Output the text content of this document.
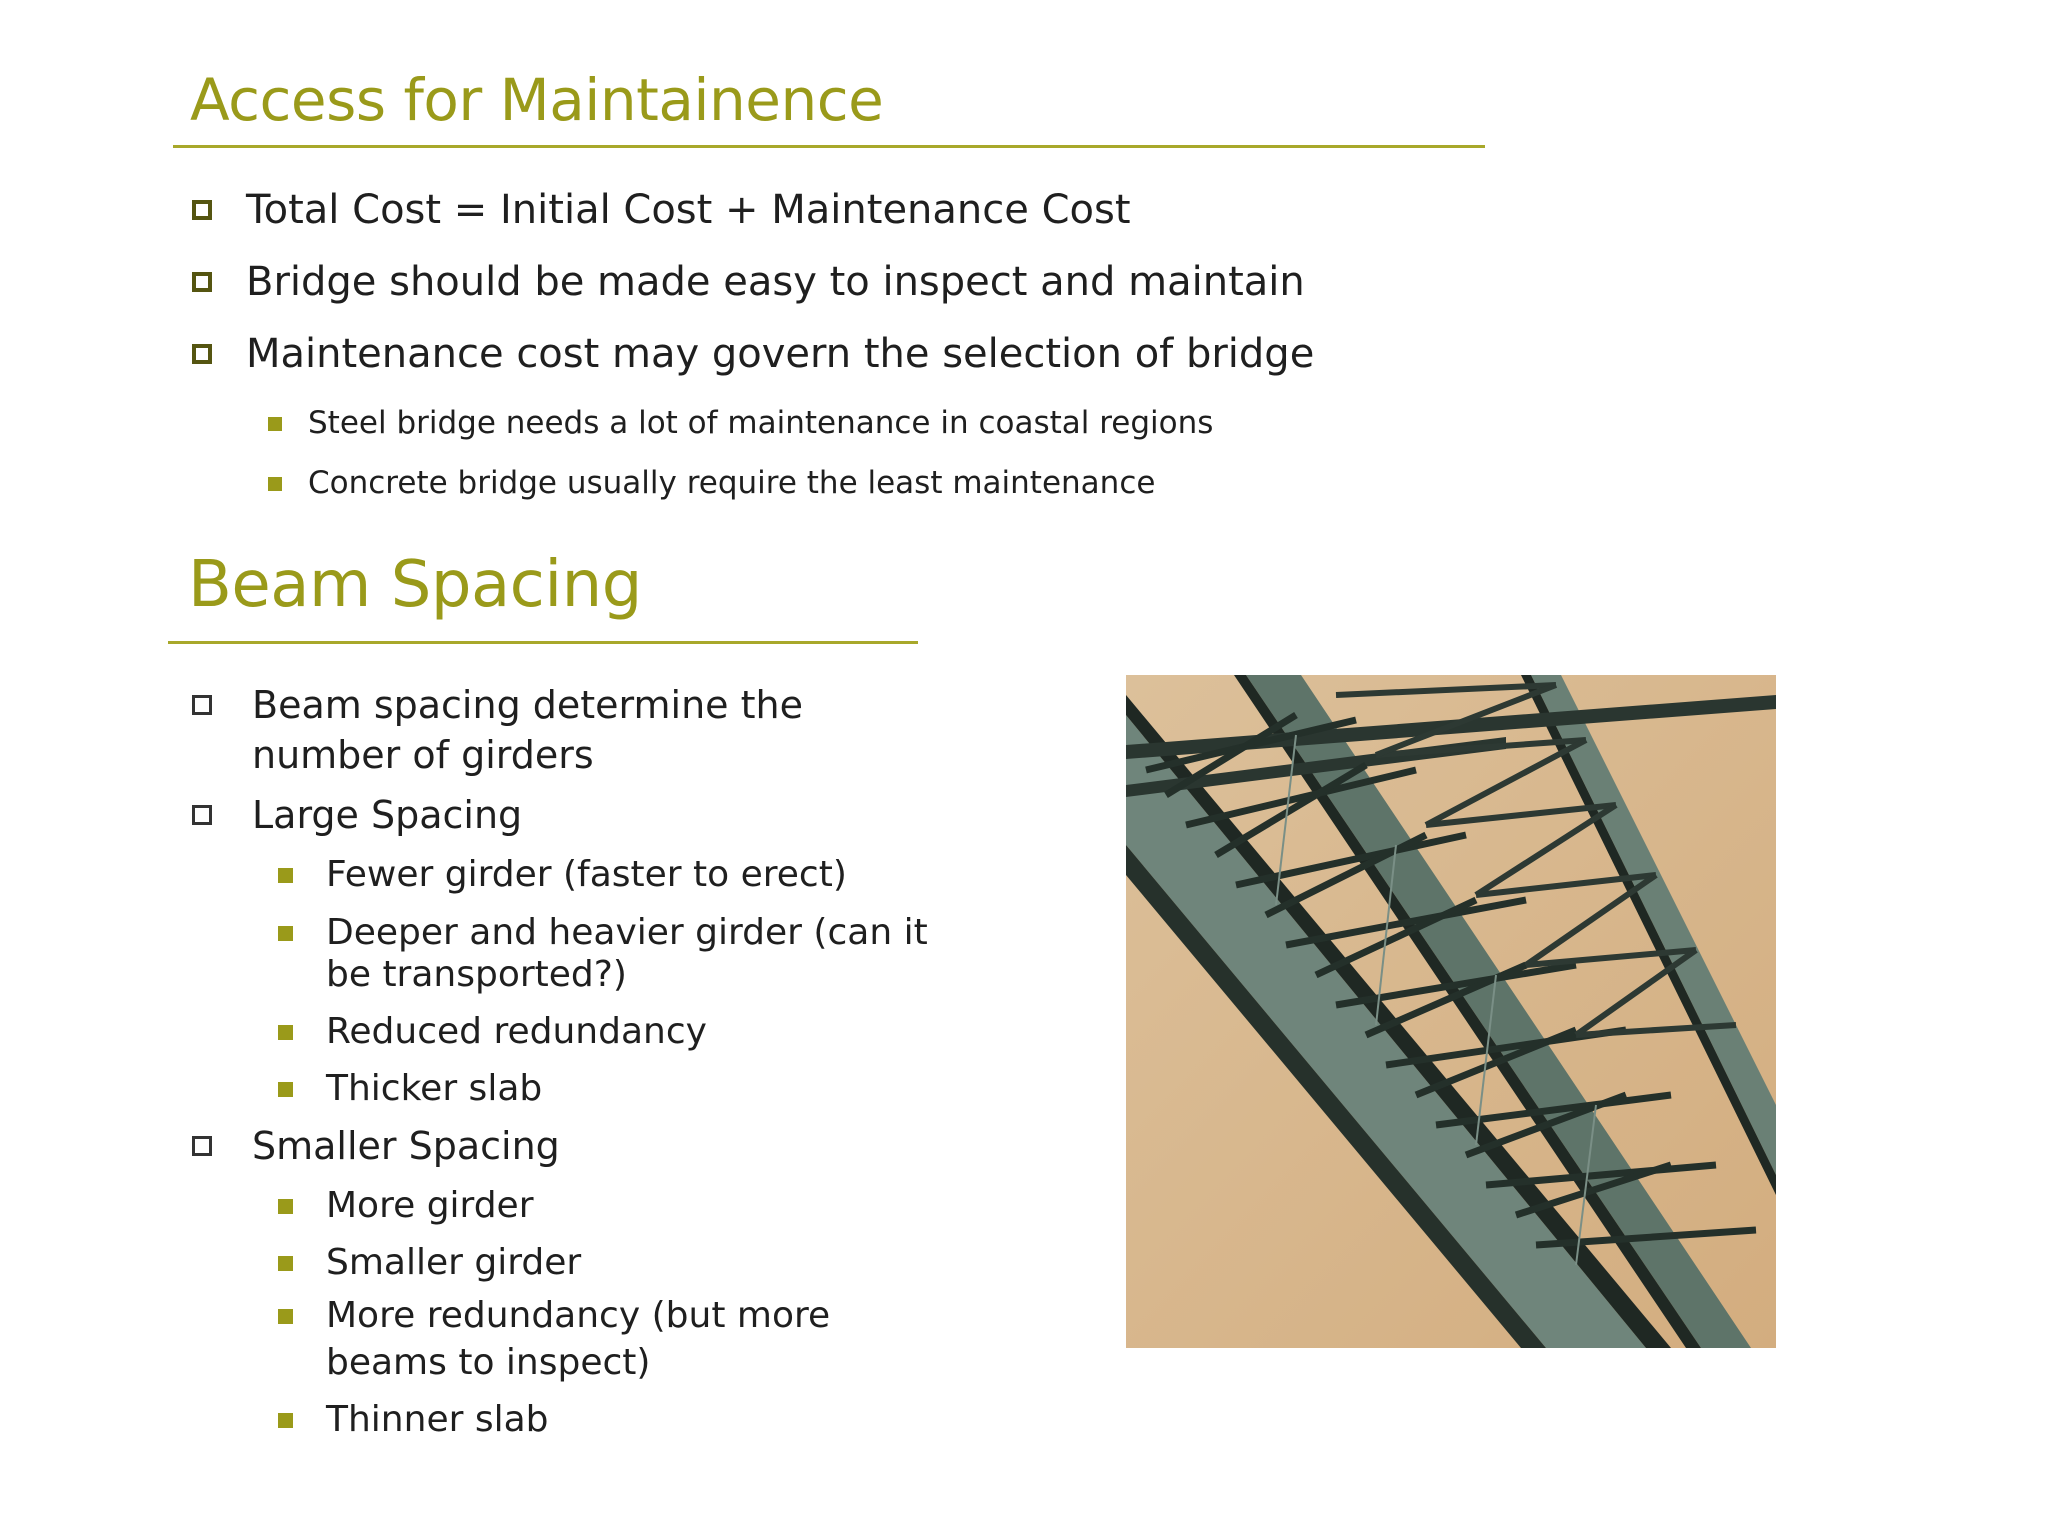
Access for Maintainence
Total Cost = Initial Cost + Maintenance Cost
Bridge should be made easy to inspect and maintain
Maintenance cost may govern the selection of bridge
Steel bridge needs a lot of maintenance in coastal regions
Concrete bridge usually require the least maintenance
Beam Spacing
Beam spacing determine the
number of girders
Large Spacing
Fewer girder (faster to erect)
Deeper and heavier girder (can it
be transported?)
Reduced redundancy
Thicker slab
Smaller Spacing
More girder
Smaller girder
More redundancy (but more
beams to inspect)
Thinner slab
